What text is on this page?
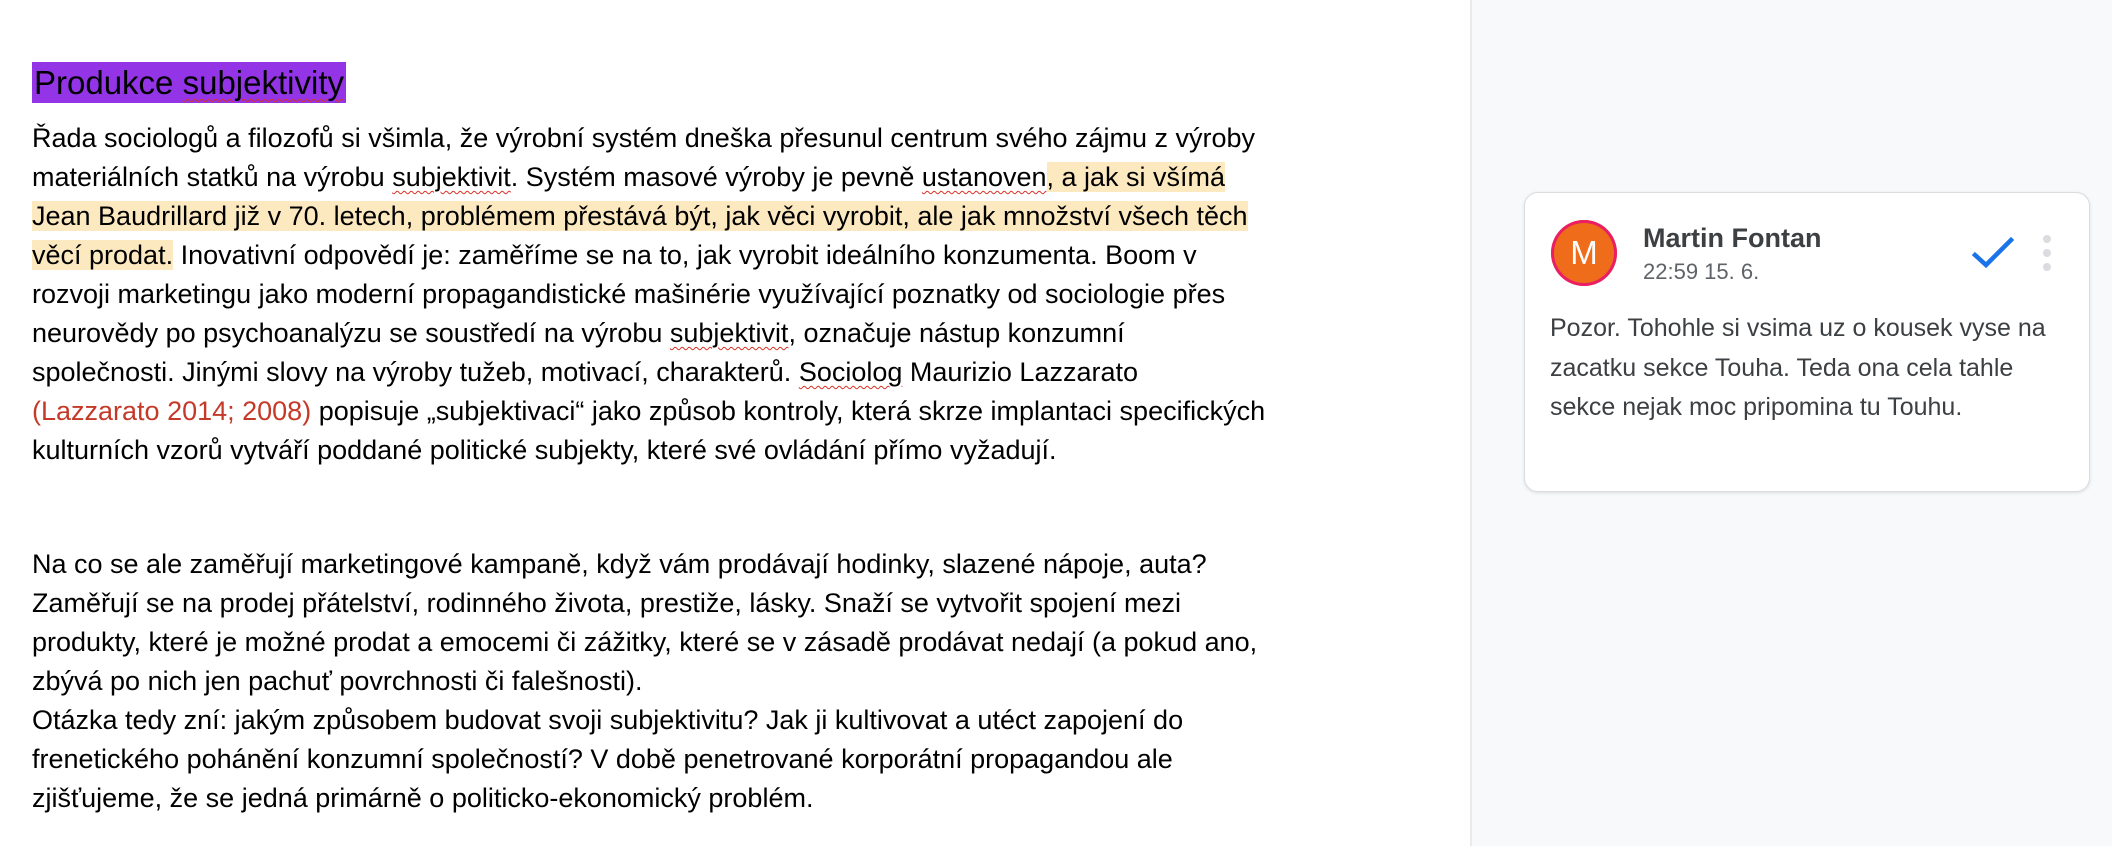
Produkce subjektivity

Řada sociologů a filozofů si všimla, že výrobní systém dneška přesunul centrum svého zájmu z výroby materiálních statků na výrobu subjektivit. Systém masové výroby je pevně ustanoven, a jak si všímá Jean Baudrillard již v 70. letech, problémem přestává být, jak věci vyrobit, ale jak množství všech těch věcí prodat. Inovativní odpovědí je: zaměříme se na to, jak vyrobit ideálního konzumenta. Boom v rozvoji marketingu jako moderní propagandistické mašinérie využívající poznatky od sociologie přes neurovědy po psychoanalýzu se soustředí na výrobu subjektivit, označuje nástup konzumní společnosti. Jinými slovy na výroby tužeb, motivací, charakterů. Sociolog Maurizio Lazzarato (Lazzarato 2014; 2008) popisuje „subjektivaci“ jako způsob kontroly, která skrze implantaci specifických kulturních vzorů vytváří poddané politické subjekty, které své ovládání přímo vyžadují.

Na co se ale zaměřují marketingové kampaně, když vám prodávají hodinky, slazené nápoje, auta? Zaměřují se na prodej přátelství, rodinného života, prestiže, lásky. Snaží se vytvořit spojení mezi produkty, které je možné prodat a emocemi či zážitky, které se v zásadě prodávat nedají (a pokud ano, zbývá po nich jen pachuť povrchnosti či falešnosti).

Otázka tedy zní: jakým způsobem budovat svoji subjektivitu? Jak ji kultivovat a utéct zapojení do frenetického pohánění konzumní společností? V době penetrované korporátní propagandou ale zjišťujeme, že se jedná primárně o politicko-ekonomický problém.

M	Martin Fontan
22:59 15. 6.

Pozor. Tohohle si vsima uz o kousek vyse na zacatku sekce Touha. Teda ona cela tahle sekce nejak moc pripomina tu Touhu.
